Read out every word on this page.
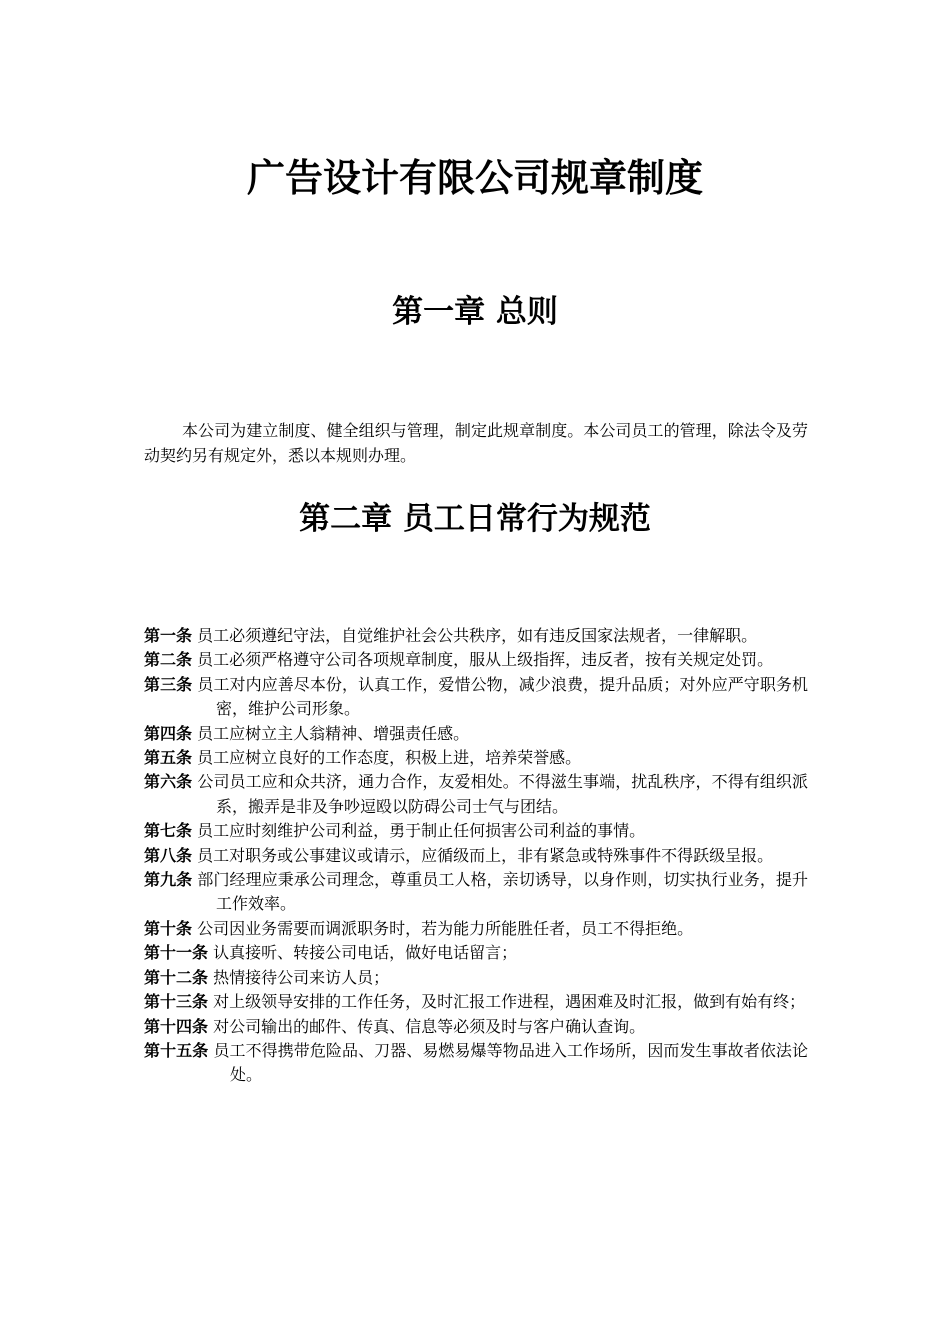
广告设计有限公司规章制度
第一章 总则

本公司为建立制度、健全组织与管理，制定此规章制度。本公司员工的管理，除法令及劳动契约另有规定外，悉以本规则办理。

第二章 员工日常行为规范
第一条 员工必须遵纪守法，自觉维护社会公共秩序，如有违反国家法规者，一律解职。
第二条 员工必须严格遵守公司各项规章制度，服从上级指挥，违反者，按有关规定处罚。
第三条 员工对内应善尽本份，认真工作，爱惜公物，减少浪费，提升品质；对外应严守职务机密，维护公司形象。
第四条 员工应树立主人翁精神、增强责任感。
第五条 员工应树立良好的工作态度，积极上进，培养荣誉感。
第六条 公司员工应和众共济，通力合作，友爱相处。不得滋生事端，扰乱秩序，不得有组织派系，搬弄是非及争吵逗殴以防碍公司士气与团结。
第七条 员工应时刻维护公司利益，勇于制止任何损害公司利益的事情。
第八条 员工对职务或公事建议或请示，应循级而上，非有紧急或特殊事件不得跃级呈报。
第九条 部门经理应秉承公司理念，尊重员工人格，亲切诱导，以身作则，切实执行业务，提升工作效率。
第十条 公司因业务需要而调派职务时，若为能力所能胜任者，员工不得拒绝。
第十一条 认真接听、转接公司电话，做好电话留言；
第十二条 热情接待公司来访人员；
第十三条 对上级领导安排的工作任务，及时汇报工作进程，遇困难及时汇报，做到有始有终；
第十四条 对公司输出的邮件、传真、信息等必须及时与客户确认查询。
第十五条 员工不得携带危险品、刀器、易燃易爆等物品进入工作场所，因而发生事故者依法论处。
